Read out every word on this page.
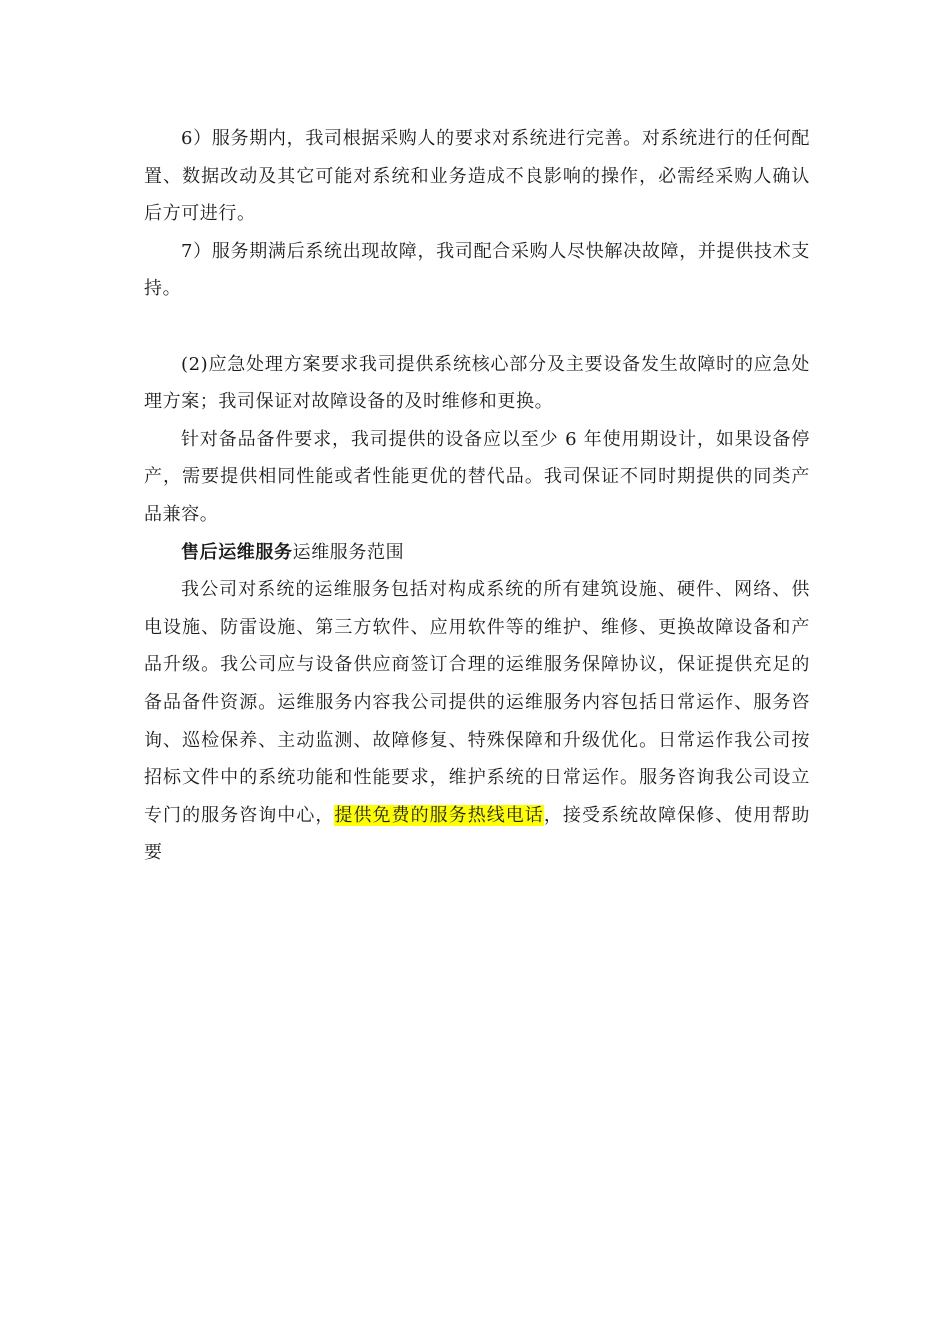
6）服务期内，我司根据采购人的要求对系统进行完善。对系统进行的任何配置、数据改动及其它可能对系统和业务造成不良影响的操作，必需经采购人确认后方可进行。

7）服务期满后系统出现故障，我司配合采购人尽快解决故障，并提供技术支持。

(2)应急处理方案要求我司提供系统核心部分及主要设备发生故障时的应急处理方案；我司保证对故障设备的及时维修和更换。

针对备品备件要求，我司提供的设备应以至少 6 年使用期设计，如果设备停产，需要提供相同性能或者性能更优的替代品。我司保证不同时期提供的同类产品兼容。

售后运维服务运维服务范围

我公司对系统的运维服务包括对构成系统的所有建筑设施、硬件、网络、供电设施、防雷设施、第三方软件、应用软件等的维护、维修、更换故障设备和产品升级。我公司应与设备供应商签订合理的运维服务保障协议，保证提供充足的备品备件资源。运维服务内容我公司提供的运维服务内容包括日常运作、服务咨询、巡检保养、主动监测、故障修复、特殊保障和升级优化。日常运作我公司按招标文件中的系统功能和性能要求，维护系统的日常运作。服务咨询我公司设立专门的服务咨询中心，提供免费的服务热线电话，接受系统故障保修、使用帮助要
